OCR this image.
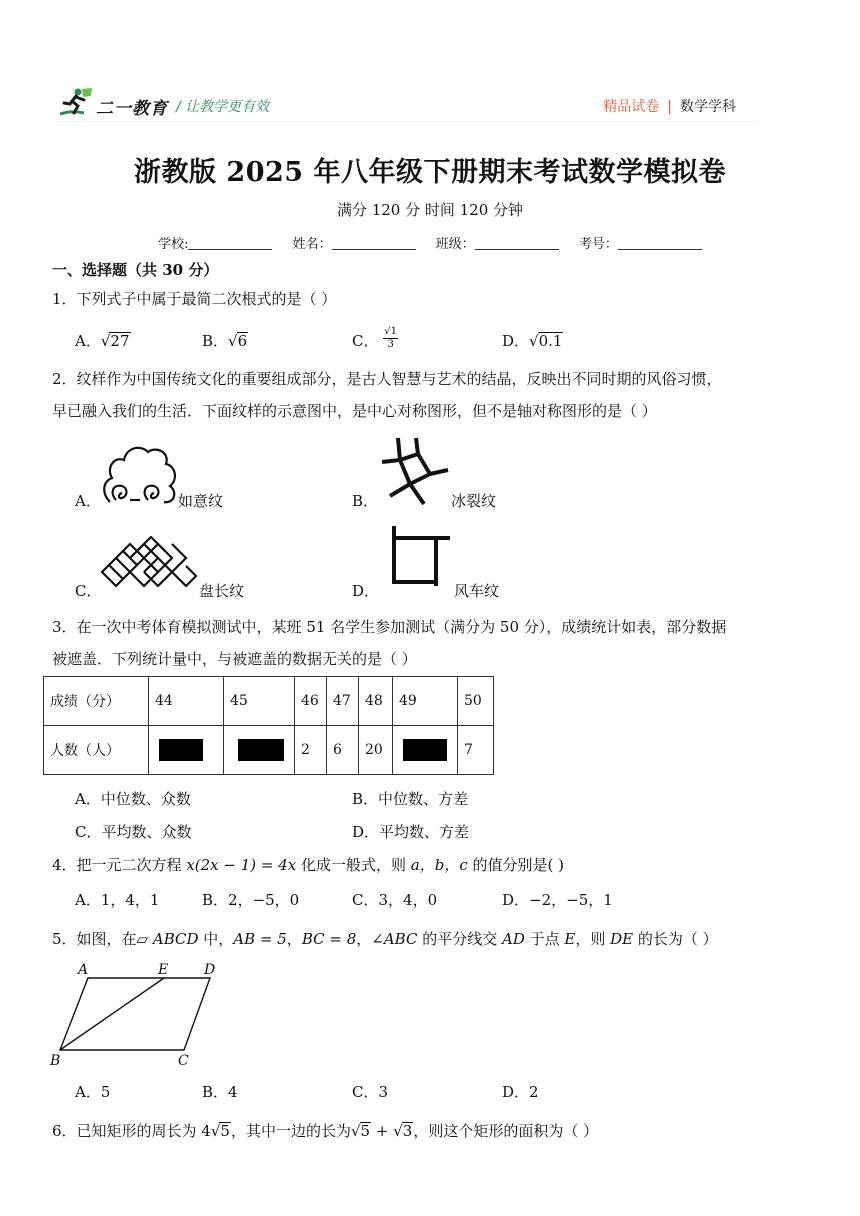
二一教育 / 让教学更有效	精品试卷 | 数学学科
浙教版 2025 年八年级下册期末考试数学模拟卷
满分 120 分 时间 120 分钟
学校:	姓名：	班级：	考号：
一、选择题（共 30 分）
1．下列式子中属于最简二次根式的是（ ）
A．√27	B．√6	C． $\frac{√1}{3}$	D．√0.1
2．纹样作为中国传统文化的重要组成部分，是古人智慧与艺术的结晶，反映出不同时期的风俗习惯，
早已融入我们的生活．下面纹样的示意图中，是中心对称图形，但不是轴对称图形的是（ ）
A．	如意纹	B．	冰裂纹
C．	盘长纹	D．	风车纹
3．在一次中考体育模拟测试中，某班 51 名学生参加测试（满分为 50 分），成绩统计如表，部分数据
被遮盖．下列统计量中，与被遮盖的数据无关的是（ ）
成绩（分）	44	45	46	47	48	49	50
人数（人）			2	6	20		7
A．中位数、众数	B．中位数、方差
C．平均数、众数	D．平均数、方差
4．把一元二次方程 x(2x − 1) = 4x 化成一般式，则 a，b，c 的值分别是( )
A．1，4，1	B．2，−5，0	C．3，4，0	D．−2，−5，1
5．如图，在▱ ABCD 中，AB = 5，BC = 8，∠ABC 的平分线交 AD 于点 E，则 DE 的长为（ ）
A	E	D
B	C
A．5	B．4	C．3	D．2
6．已知矩形的周长为 4√5，其中一边的长为√5 + √3，则这个矩形的面积为（ ）
